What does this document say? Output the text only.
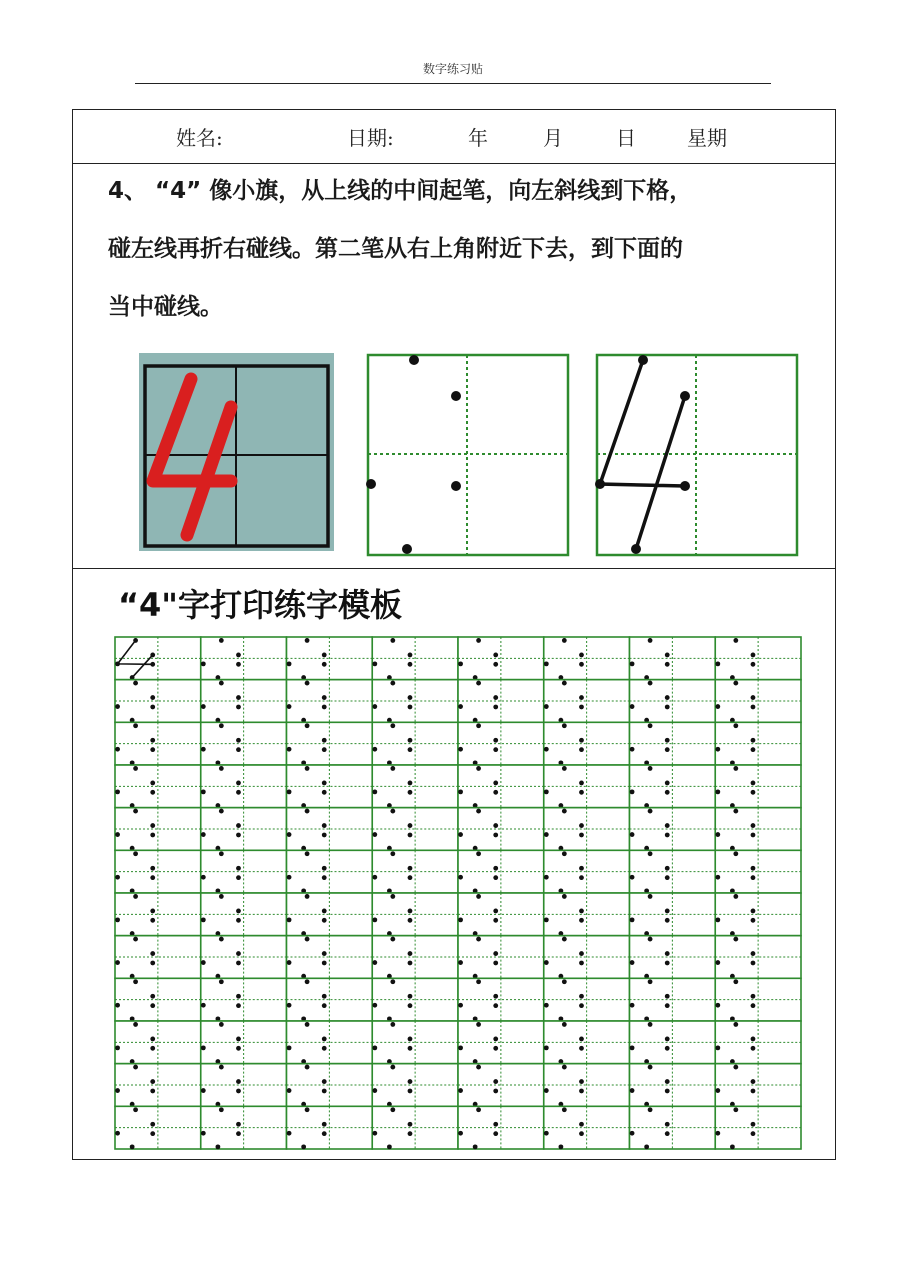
数字练习贴
姓名:	日期:	年	月	日	星期
4、 “4” 像小旗，从上线的中间起笔，向左斜线到下格，
碰左线再折右碰线。第二笔从右上角附近下去，到下面的
当中碰线。
“4"字打印练字模板
